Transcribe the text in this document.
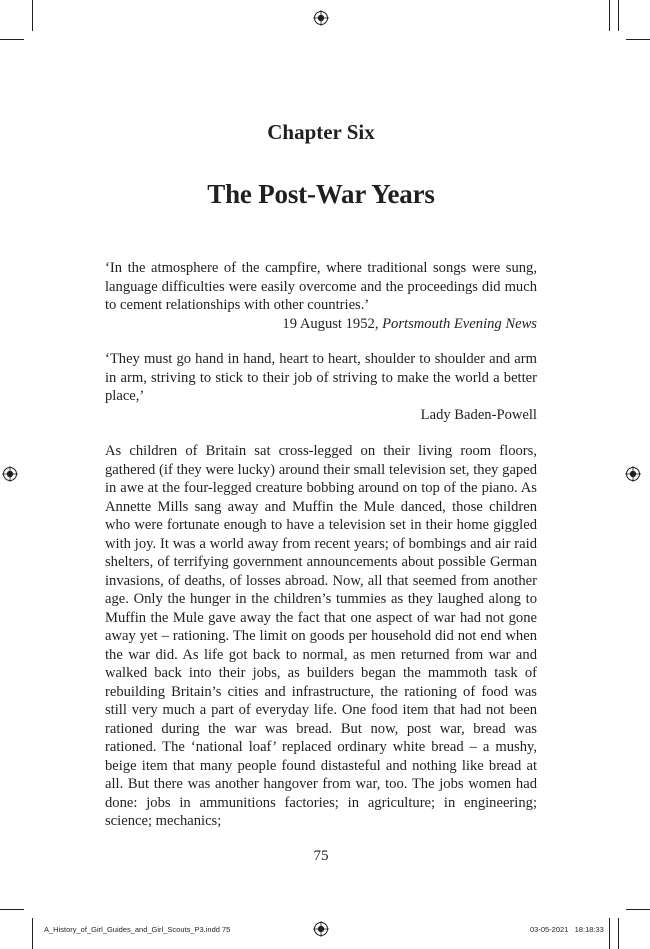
Chapter Six
The Post-War Years
‘In the atmosphere of the campfire, where traditional songs were sung, language difficulties were easily overcome and the proceedings did much to cement relationships with other countries.’
19 August 1952, Portsmouth Evening News
‘They must go hand in hand, heart to heart, shoulder to shoulder and arm in arm, striving to stick to their job of striving to make the world a better place,’
Lady Baden-Powell
As children of Britain sat cross-legged on their living room floors, gathered (if they were lucky) around their small television set, they gaped in awe at the four-legged creature bobbing around on top of the piano. As Annette Mills sang away and Muffin the Mule danced, those children who were fortunate enough to have a television set in their home giggled with joy. It was a world away from recent years; of bombings and air raid shelters, of terrifying government announcements about possible German invasions, of deaths, of losses abroad. Now, all that seemed from another age. Only the hunger in the children’s tummies as they laughed along to Muffin the Mule gave away the fact that one aspect of war had not gone away yet – rationing. The limit on goods per household did not end when the war did. As life got back to normal, as men returned from war and walked back into their jobs, as builders began the mammoth task of rebuilding Britain’s cities and infrastructure, the rationing of food was still very much a part of everyday life. One food item that had not been rationed during the war was bread. But now, post war, bread was rationed. The ‘national loaf’ replaced ordinary white bread – a mushy, beige item that many people found distasteful and nothing like bread at all. But there was another hangover from war, too. The jobs women had done: jobs in ammunitions factories; in agriculture; in engineering; science; mechanics;
75
A_History_of_Girl_Guides_and_Girl_Scouts_P3.indd 75	03-05-2021 18:18:33
